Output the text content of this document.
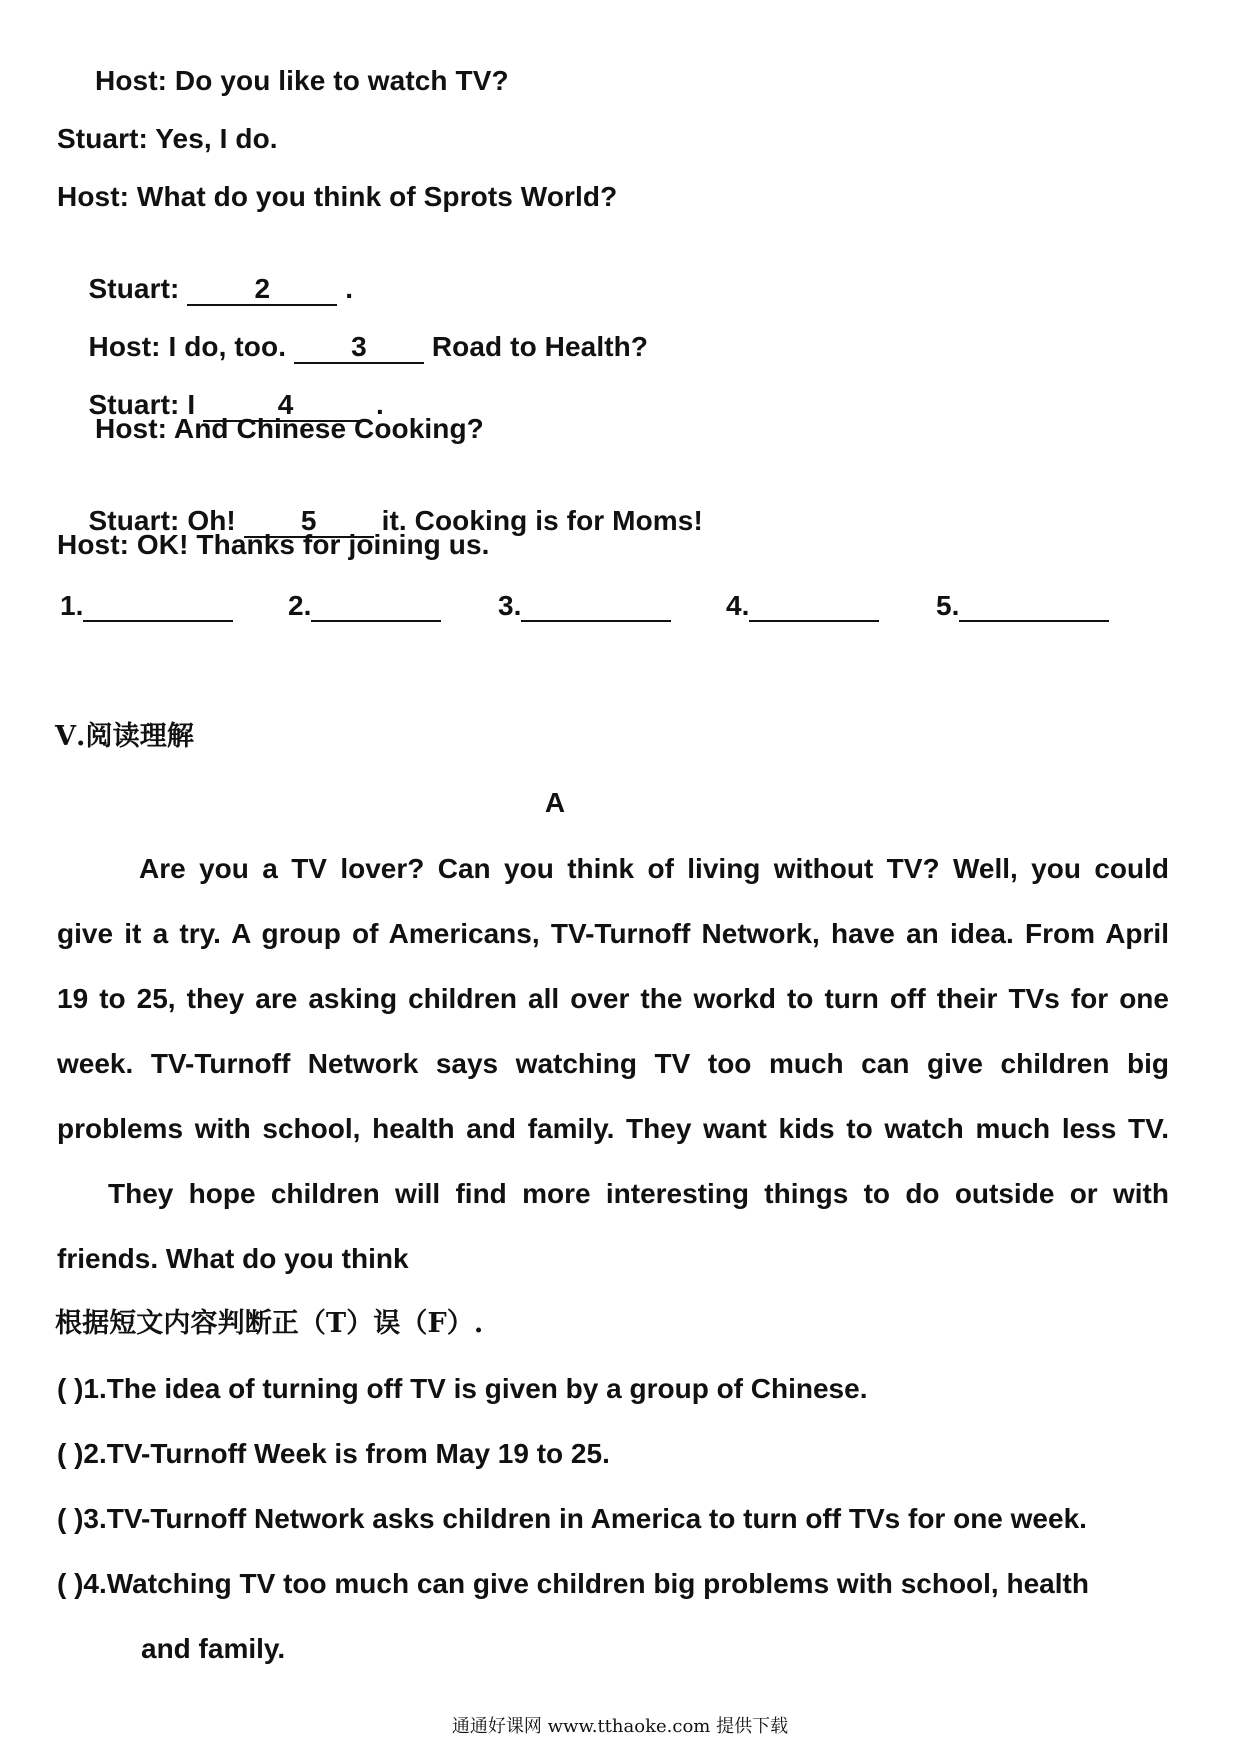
Host: Do you like to watch TV?
Stuart: Yes, I do.
Host: What do you think of Sprots World?

Stuart: 2 .

Host: I do, too. 3 Road to Health?

Stuart: I	4	.

Host: And Chinese Cooking?

Stuart: Oh! 5 it. Cooking is for Moms!

Host: OK! Thanks for joining us.
1.	2.	3.	4.	5.
Ⅴ.阅读理解
A
Are you a TV lover? Can you think of living without TV? Well, you could
give it a try. A group of Americans, TV-Turnoff Network, have an idea. From April
19 to 25, they are asking children all over the workd to turn off their TVs for one
week. TV-Turnoff Network says watching TV too much can give children big
problems with school, health and family. They want kids to watch much less TV.
They hope children will find more interesting things to do outside or with
friends. What do you think
根据短文内容判断正（T）误（F）.
( )1.The idea of turning off TV is given by a group of Chinese.
( )2.TV-Turnoff Week is from May 19 to 25.
( )3.TV-Turnoff Network asks children in America to turn off TVs for one week.
( )4.Watching TV too much can give children big problems with school, health
and family.
通通好课网 www.tthaoke.com 提供下载
